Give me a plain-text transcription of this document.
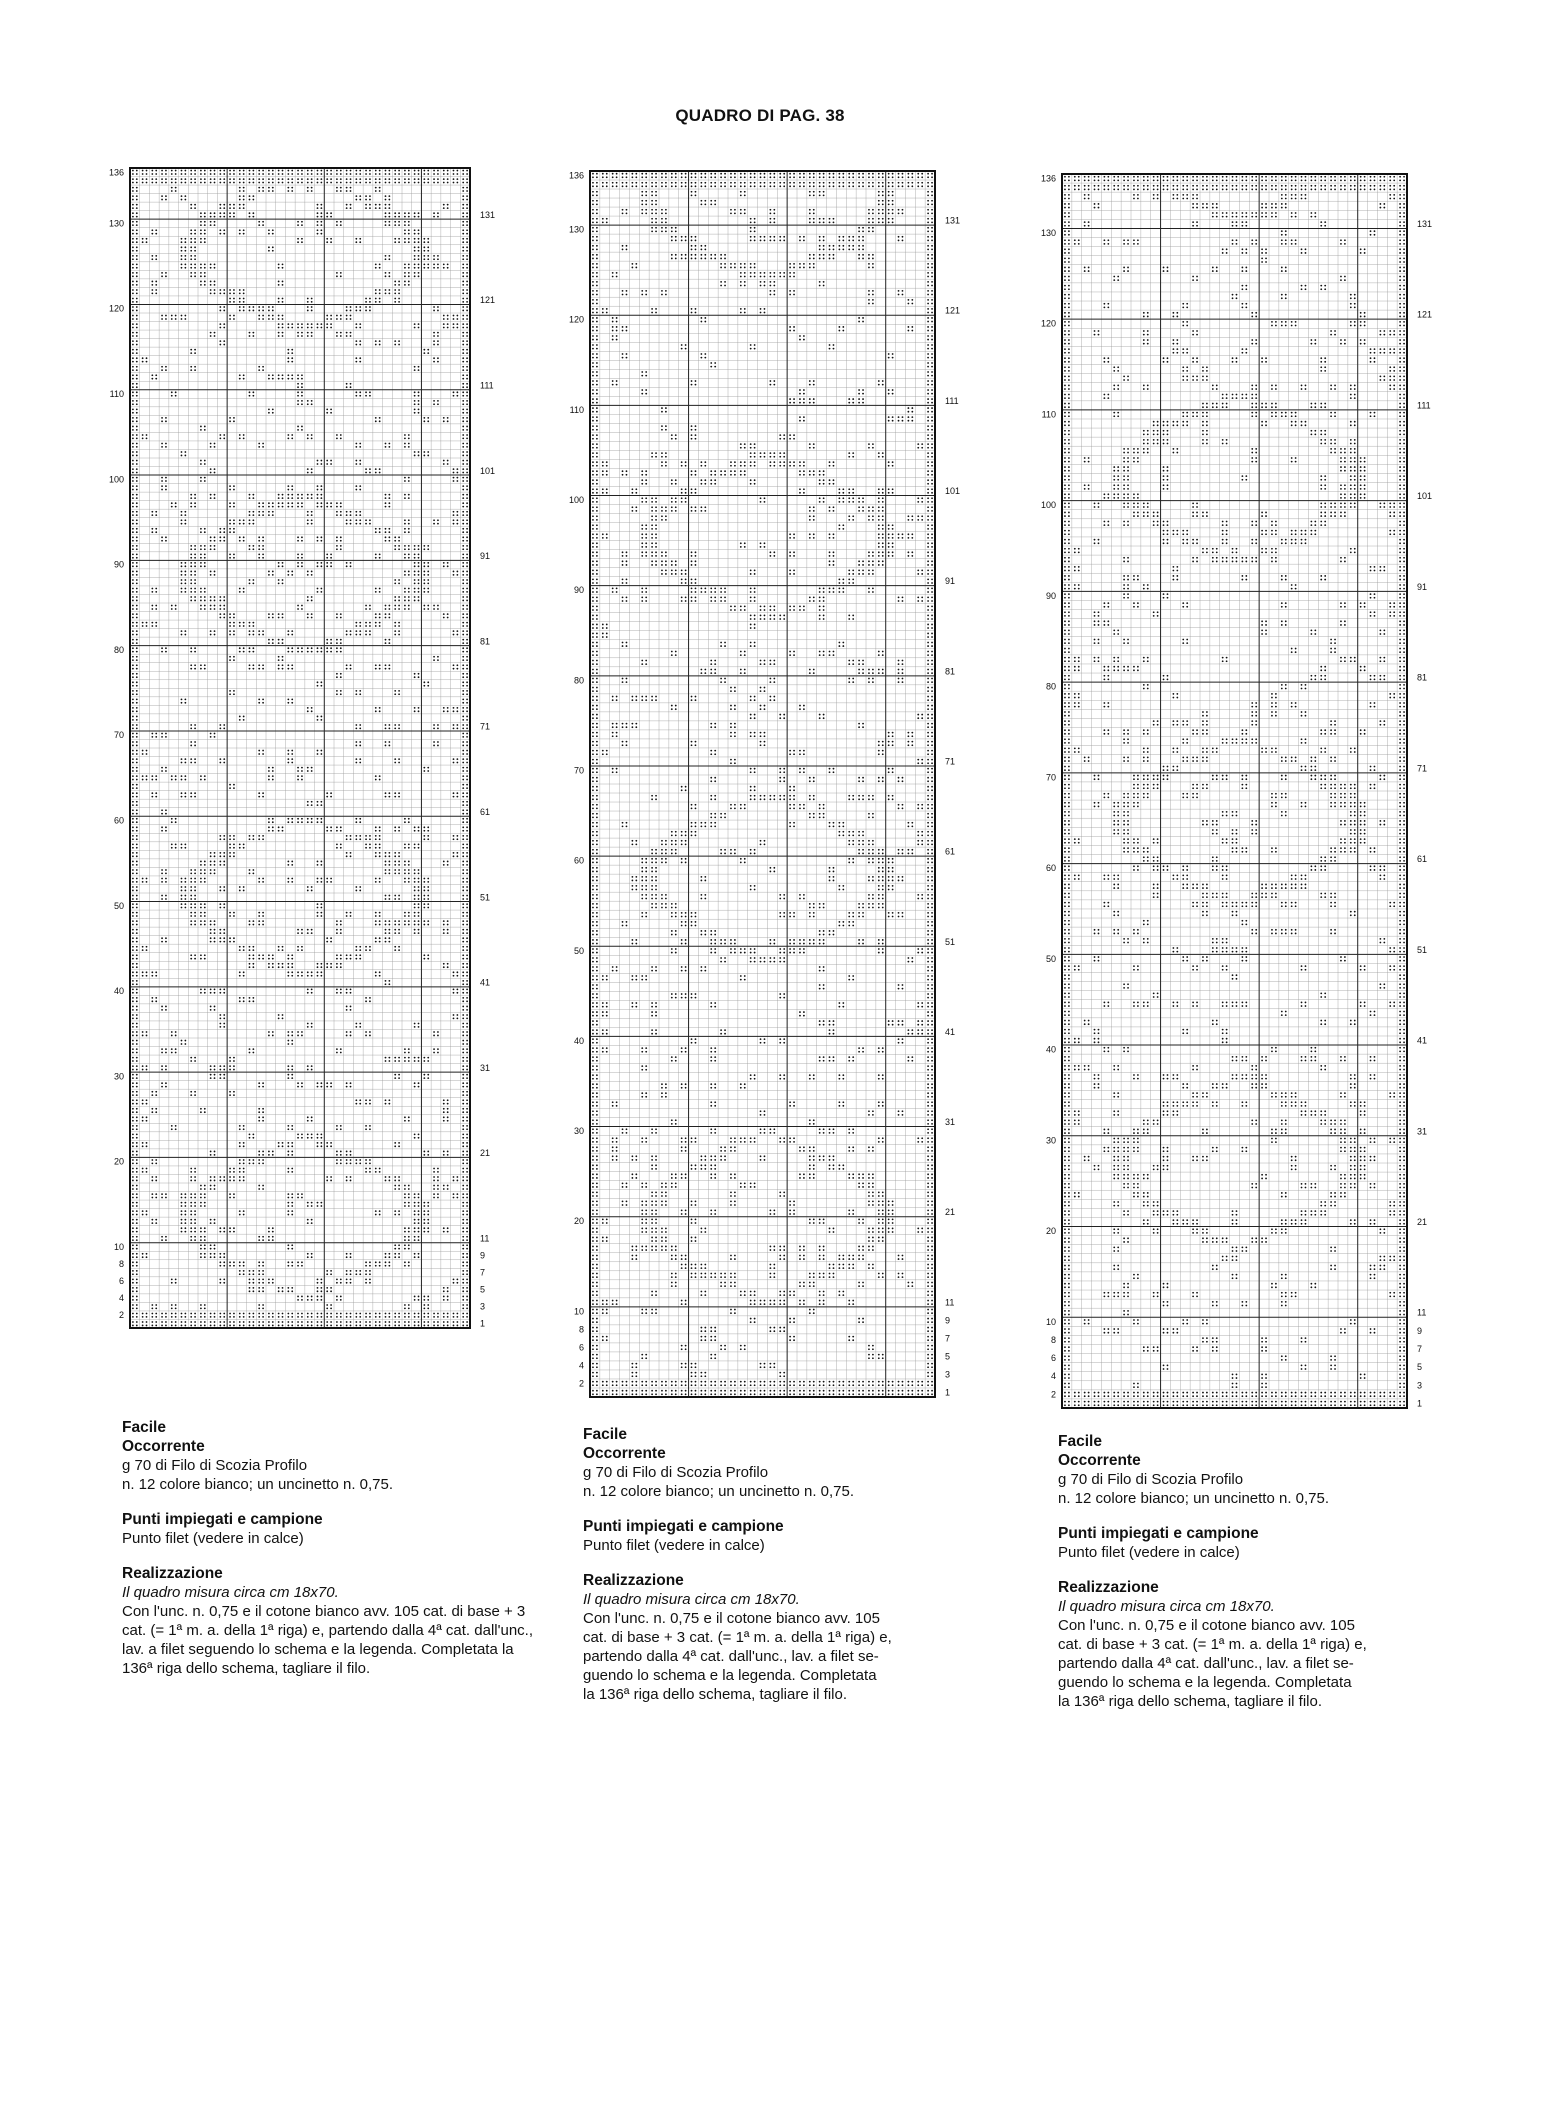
QUADRO DI PAG. 38
136
130
120
110
100
90
80
70
60
50
40
30
20
10
8
6
4
2
131
121
111
101
91
81
71
61
51
41
31
21
11
9
7
5
3
1
136
130
120
110
100
90
80
70
60
50
40
30
20
10
8
6
4
2
131
121
111
101
91
81
71
61
51
41
31
21
11
9
7
5
3
1
136
130
120
110
100
90
80
70
60
50
40
30
20
10
8
6
4
2
131
121
111
101
91
81
71
61
51
41
31
21
11
9
7
5
3
1
Facile
Occorrente

g 70 di Filo di Scozia Profilo

n. 12 colore bianco; un uncinetto n. 0,75.

Punti impiegati e campione

Punto filet (vedere in calce)

Realizzazione

Il quadro misura circa cm 18x70.

Con l'unc. n. 0,75 e il cotone bianco avv. 105 cat. di base + 3

cat. (= 1ª m. a. della 1ª riga) e, partendo dalla 4ª cat. dall'unc.,

lav. a filet seguendo lo schema e la legenda. Completata la

136ª riga dello schema, tagliare il filo.

Facile
Occorrente

g 70 di Filo di Scozia Profilo

n. 12 colore bianco; un uncinetto n. 0,75.

Punti impiegati e campione

Punto filet (vedere in calce)

Realizzazione

Il quadro misura circa cm 18x70.

Con l'unc. n. 0,75 e il cotone bianco avv. 105

cat. di base + 3 cat. (= 1ª m. a. della 1ª riga) e,

partendo dalla 4ª cat. dall'unc., lav. a filet se-

guendo lo schema e la legenda. Completata

la 136ª riga dello schema, tagliare il filo.

Facile
Occorrente

g 70 di Filo di Scozia Profilo

n. 12 colore bianco; un uncinetto n. 0,75.

Punti impiegati e campione

Punto filet (vedere in calce)

Realizzazione

Il quadro misura circa cm 18x70.

Con l'unc. n. 0,75 e il cotone bianco avv. 105

cat. di base + 3 cat. (= 1ª m. a. della 1ª riga) e,

partendo dalla 4ª cat. dall'unc., lav. a filet se-

guendo lo schema e la legenda. Completata

la 136ª riga dello schema, tagliare il filo.
